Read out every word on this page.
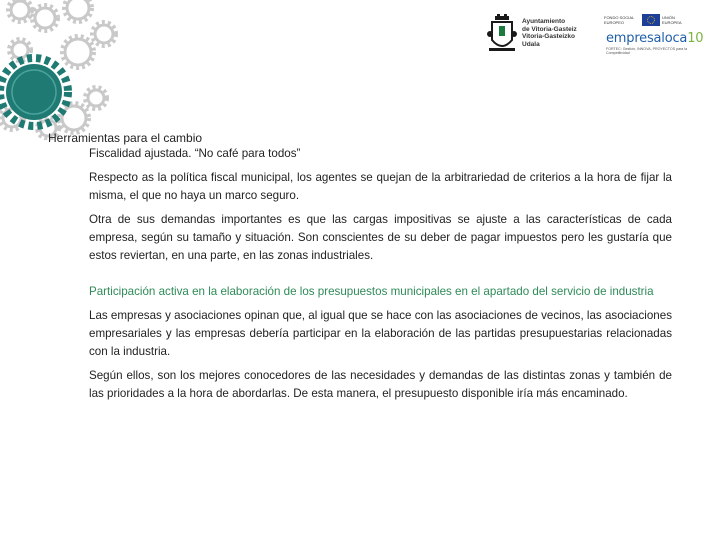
Ayuntamiento
de Vitoria-Gasteiz
Vitoria-Gasteizko
Udala
FONDO SOCIAL EUROPEO
UNIÓN EUROPEA
empresaloca10
FORTEC: Gestión, INNOVA, PROYECTOS para la Competitividad
Herramientas para el cambio

Fiscalidad ajustada. “No café para todos”

Respecto as la política fiscal municipal, los agentes se quejan de la arbitrariedad de criterios a la hora de fijar la misma, el que no haya un marco seguro.

Otra de sus demandas importantes es que las cargas impositivas se ajuste a las características de cada empresa, según su tamaño y situación. Son conscientes de su deber de pagar impuestos pero les gustaría que estos reviertan, en una parte, en las zonas industriales.

Participación activa en la elaboración de los presupuestos municipales en el apartado del servicio de industria

Las empresas y asociaciones opinan que, al igual que se hace con las asociaciones de vecinos, las asociaciones empresariales y las empresas debería participar en la elaboración de las partidas presupuestarias relacionadas con la industria.

Según ellos, son los mejores conocedores de las necesidades y demandas de las distintas zonas y también de las prioridades a la hora de abordarlas. De esta manera, el presupuesto disponible iría más encaminado.
